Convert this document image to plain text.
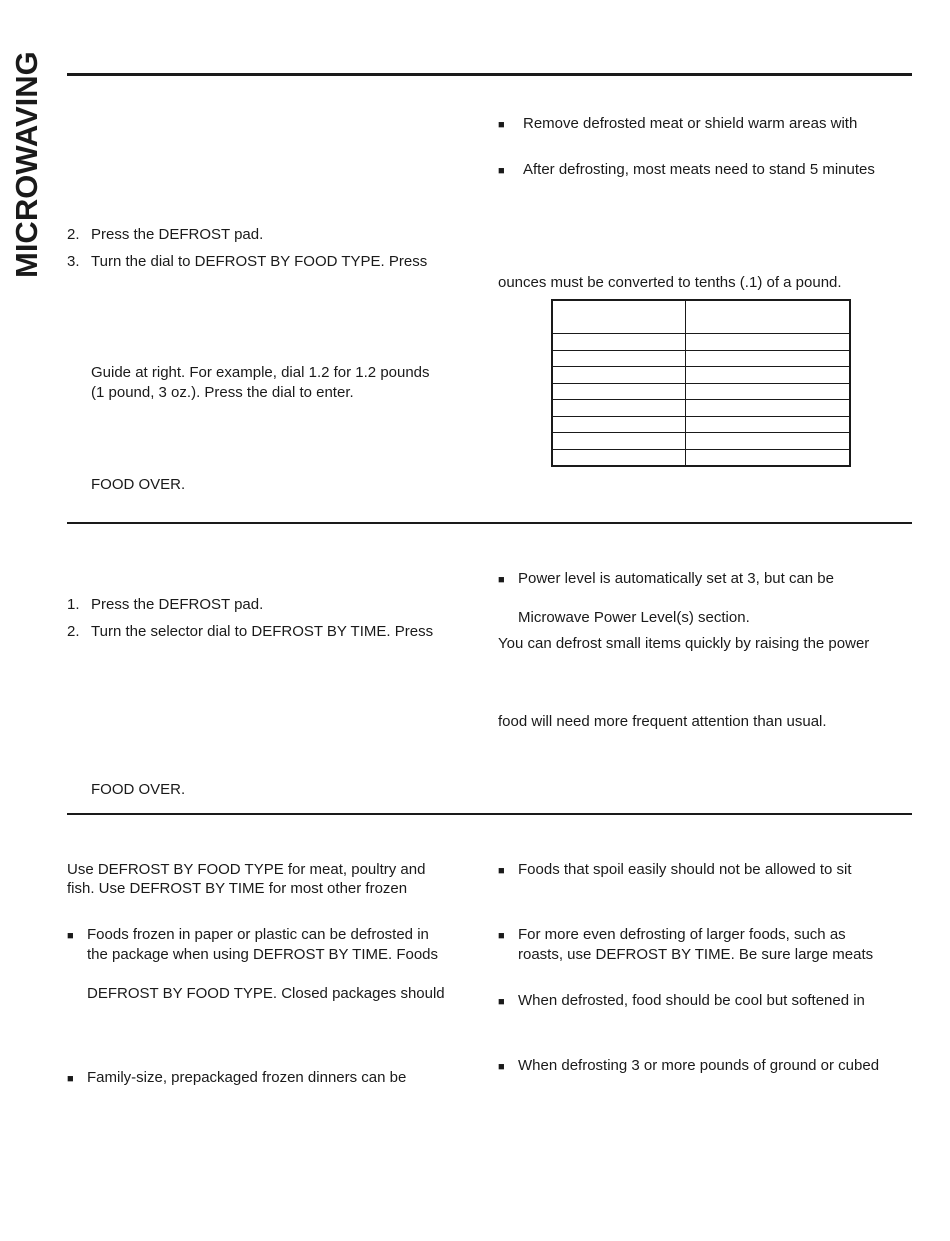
MICROWAVING 2. Press the DEFROST pad.
3. Turn the dial to DEFROST BY FOOD TYPE. Press
Guide at right. For example, dial 1.2 for 1.2 pounds
(1 pound, 3 oz.). Press the dial to enter.
FOOD OVER.
■ Remove defrosted meat or shield warm areas with
■ After defrosting, most meats need to stand 5 minutes
ounces must be converted to tenths (.1) of a pound.

1. Press the DEFROST pad.
2. Turn the selector dial to DEFROST BY TIME. Press
FOOD OVER.
■ Power level is automatically set at 3, but can be
Microwave Power Level(s) section.
You can defrost small items quickly by raising the power
food will need more frequent attention than usual.
Use DEFROST BY FOOD TYPE for meat, poultry and
fish. Use DEFROST BY TIME for most other frozen
■ Foods frozen in paper or plastic can be defrosted in
the package when using DEFROST BY TIME. Foods
DEFROST BY FOOD TYPE. Closed packages should
■ Family-size, prepackaged frozen dinners can be
■ Foods that spoil easily should not be allowed to sit
■ For more even defrosting of larger foods, such as
roasts, use DEFROST BY TIME. Be sure large meats
■ When defrosted, food should be cool but softened in
■ When defrosting 3 or more pounds of ground or cubed
